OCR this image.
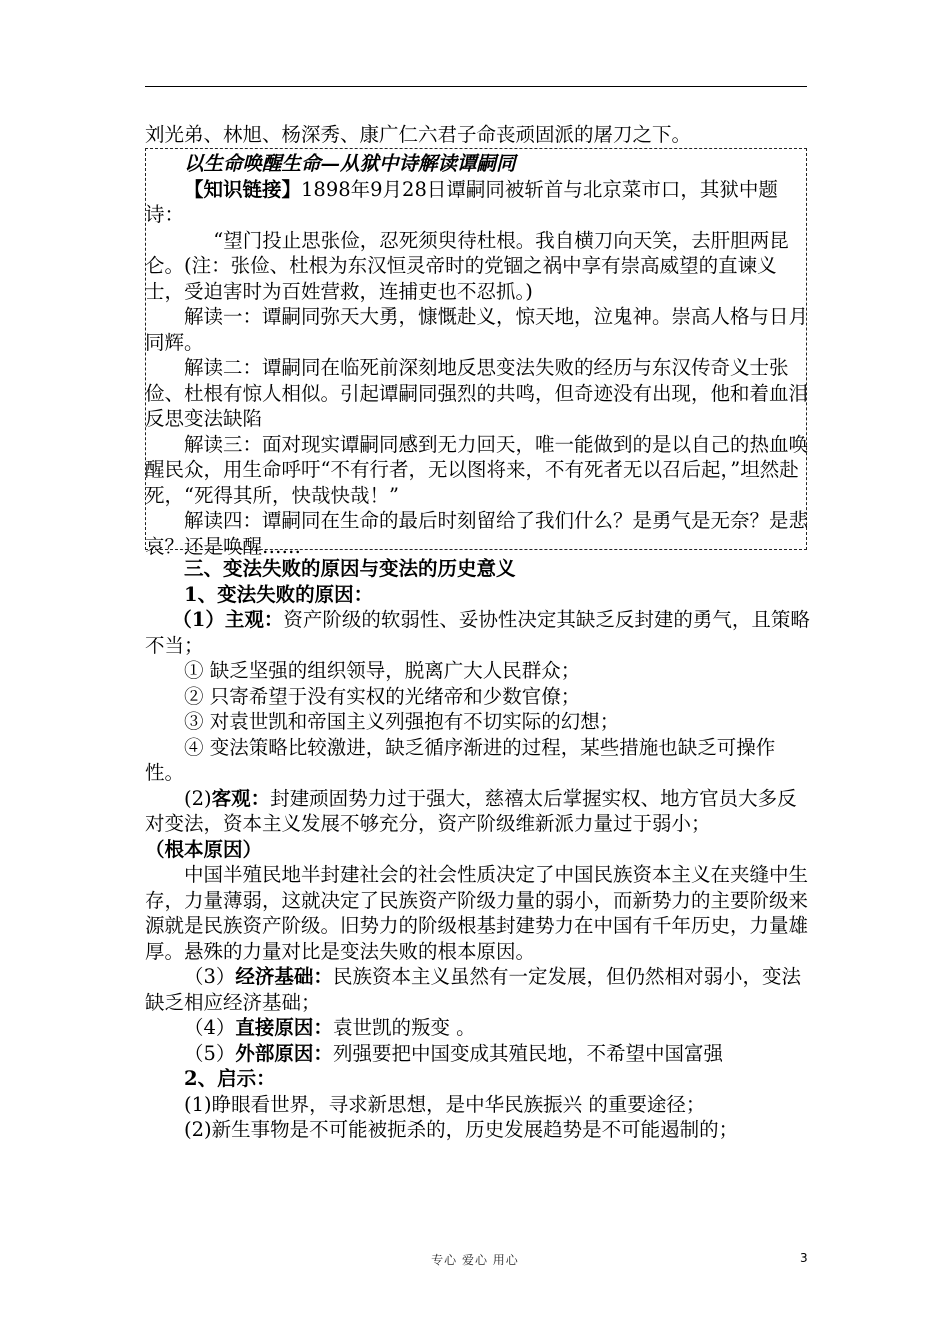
刘光弟、林旭、杨深秀、康广仁六君子命丧顽固派的屠刀之下。

以生命唤醒生命—从狱中诗解读谭嗣同

【知识链接】1898年9月28日谭嗣同被斩首与北京菜市口，其狱中题诗：

“望门投止思张俭，忍死须臾待杜根。我自横刀向天笑，去肝胆两昆仑。(注：张俭、杜根为东汉恒灵帝时的党锢之祸中享有崇高威望的直谏义士，受迫害时为百姓营救，连捕吏也不忍抓。)

解读一：谭嗣同弥天大勇，慷慨赴义，惊天地，泣鬼神。崇高人格与日月同辉。

解读二：谭嗣同在临死前深刻地反思变法失败的经历与东汉传奇义士张俭、杜根有惊人相似。引起谭嗣同强烈的共鸣，但奇迹没有出现，他和着血泪反思变法缺陷

解读三：面对现实谭嗣同感到无力回天，唯一能做到的是以自己的热血唤醒民众，用生命呼吁“不有行者，无以图将来，不有死者无以召后起，”坦然赴死，“死得其所，快哉快哉！”

解读四：谭嗣同在生命的最后时刻留给了我们什么？是勇气是无奈？是悲哀？还是唤醒……

三、变法失败的原因与变法的历史意义

1、变法失败的原因：

（1）主观：资产阶级的软弱性、妥协性决定其缺乏反封建的勇气，且策略不当；

① 缺乏坚强的组织领导，脱离广大人民群众；

② 只寄希望于没有实权的光绪帝和少数官僚；

③ 对袁世凯和帝国主义列强抱有不切实际的幻想；

④ 变法策略比较激进，缺乏循序渐进的过程，某些措施也缺乏可操作性。

(2)客观：封建顽固势力过于强大，慈禧太后掌握实权、地方官员大多反对变法，资本主义发展不够充分，资产阶级维新派力量过于弱小；（根本原因）

中国半殖民地半封建社会的社会性质决定了中国民族资本主义在夹缝中生存，力量薄弱，这就决定了民族资产阶级力量的弱小，而新势力的主要阶级来源就是民族资产阶级。旧势力的阶级根基封建势力在中国有千年历史，力量雄厚。悬殊的力量对比是变法失败的根本原因。

（3）经济基础：民族资本主义虽然有一定发展，但仍然相对弱小，变法缺乏相应经济基础；

（4）直接原因：袁世凯的叛变 。

（5）外部原因：列强要把中国变成其殖民地，不希望中国富强

2、启示：

(1)睁眼看世界，寻求新思想，是中华民族振兴 的重要途径；

(2)新生事物是不可能被扼杀的，历史发展趋势是不可能遏制的；

专心 爱心 用心	3
